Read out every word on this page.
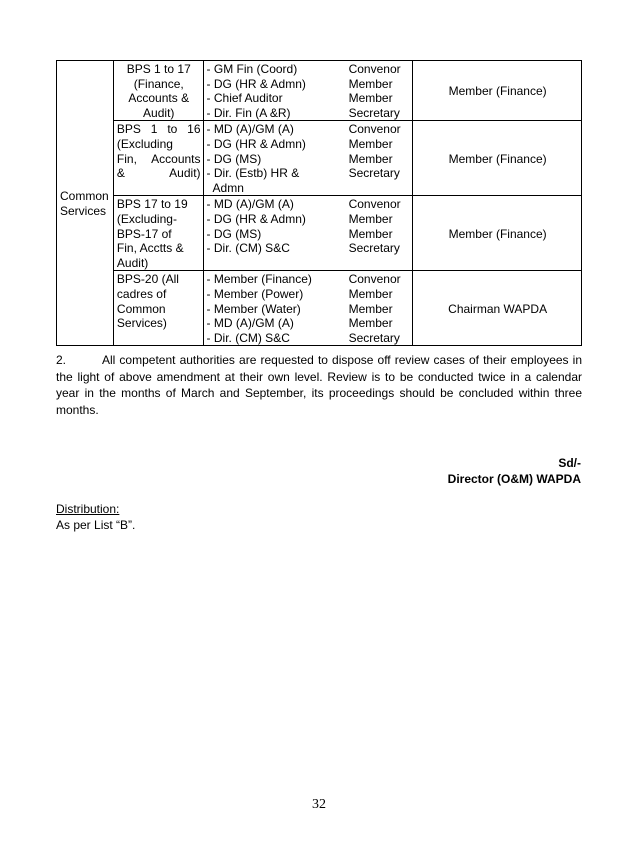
Common
Services	BPS 1 to 17
(Finance,
Accounts &
Audit)	- GM Fin (Coord)
- DG (HR & Admn)
- Chief Auditor
- Dir. Fin (A &R)	Convenor
Member
Member
Secretary	Member (Finance)

	BPS 1 to 16
(Excluding
Fin, Accounts
& Audit)	- MD (A)/GM (A)
- DG (HR & Admn)
- DG (MS)
- Dir. (Estb) HR &
Admn	Convenor
Member
Member
Secretary	Member (Finance)

	BPS 17 to 19
(Excluding-
BPS-17 of
Fin, Acctts &
Audit)	- MD (A)/GM (A)
- DG (HR & Admn)
- DG (MS)
- Dir. (CM) S&C	Convenor
Member
Member
Secretary	Member (Finance)

	BPS-20 (All
cadres of
Common
Services)	- Member (Finance)
- Member (Power)
- Member (Water)
- MD (A)/GM (A)
- Dir. (CM) S&C	Convenor
Member
Member
Member
Secretary	Chairman WAPDA

2.	All competent authorities are requested to dispose off review cases of their employees in the light of above amendment at their own level. Review is to be conducted twice in a calendar year in the months of March and September, its proceedings should be concluded within three months.

Sd/-
Director (O&M) WAPDA
Distribution:
As per List “B”.
32
